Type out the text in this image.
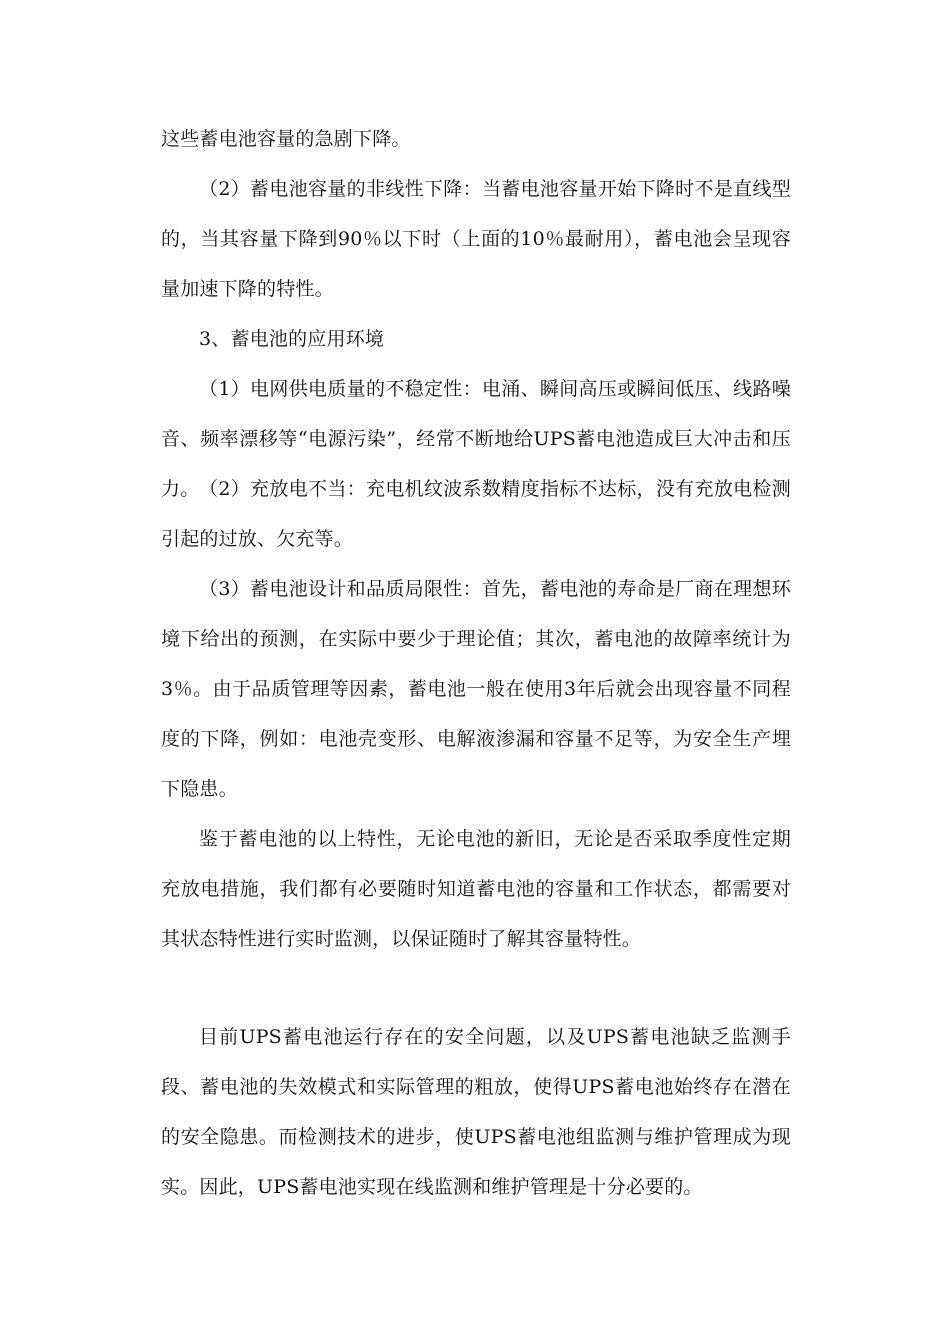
这些蓄电池容量的急剧下降。

（2）蓄电池容量的非线性下降：当蓄电池容量开始下降时不是直线型的，当其容量下降到90％以下时（上面的10％最耐用），蓄电池会呈现容量加速下降的特性。

3、蓄电池的应用环境

（1）电网供电质量的不稳定性：电涌、瞬间高压或瞬间低压、线路噪音、频率漂移等“电源污染”，经常不断地给UPS蓄电池造成巨大冲击和压力。 （2）充放电不当：充电机纹波系数精度指标不达标，没有充放电检测引起的过放、欠充等。

（3）蓄电池设计和品质局限性：首先，蓄电池的寿命是厂商在理想环境下给出的预测，在实际中要少于理论值；其次，蓄电池的故障率统计为3％。由于品质管理等因素，蓄电池一般在使用3年后就会出现容量不同程度的下降，例如：电池壳变形、电解液渗漏和容量不足等，为安全生产埋下隐患。

鉴于蓄电池的以上特性，无论电池的新旧，无论是否采取季度性定期充放电措施，我们都有必要随时知道蓄电池的容量和工作状态，都需要对其状态特性进行实时监测，以保证随时了解其容量特性。

目前UPS蓄电池运行存在的安全问题，以及UPS蓄电池缺乏监测手段、蓄电池的失效模式和实际管理的粗放，使得UPS蓄电池始终存在潜在的安全隐患。而检测技术的进步，使UPS蓄电池组监测与维护管理成为现实。因此，UPS蓄电池实现在线监测和维护管理是十分必要的。
